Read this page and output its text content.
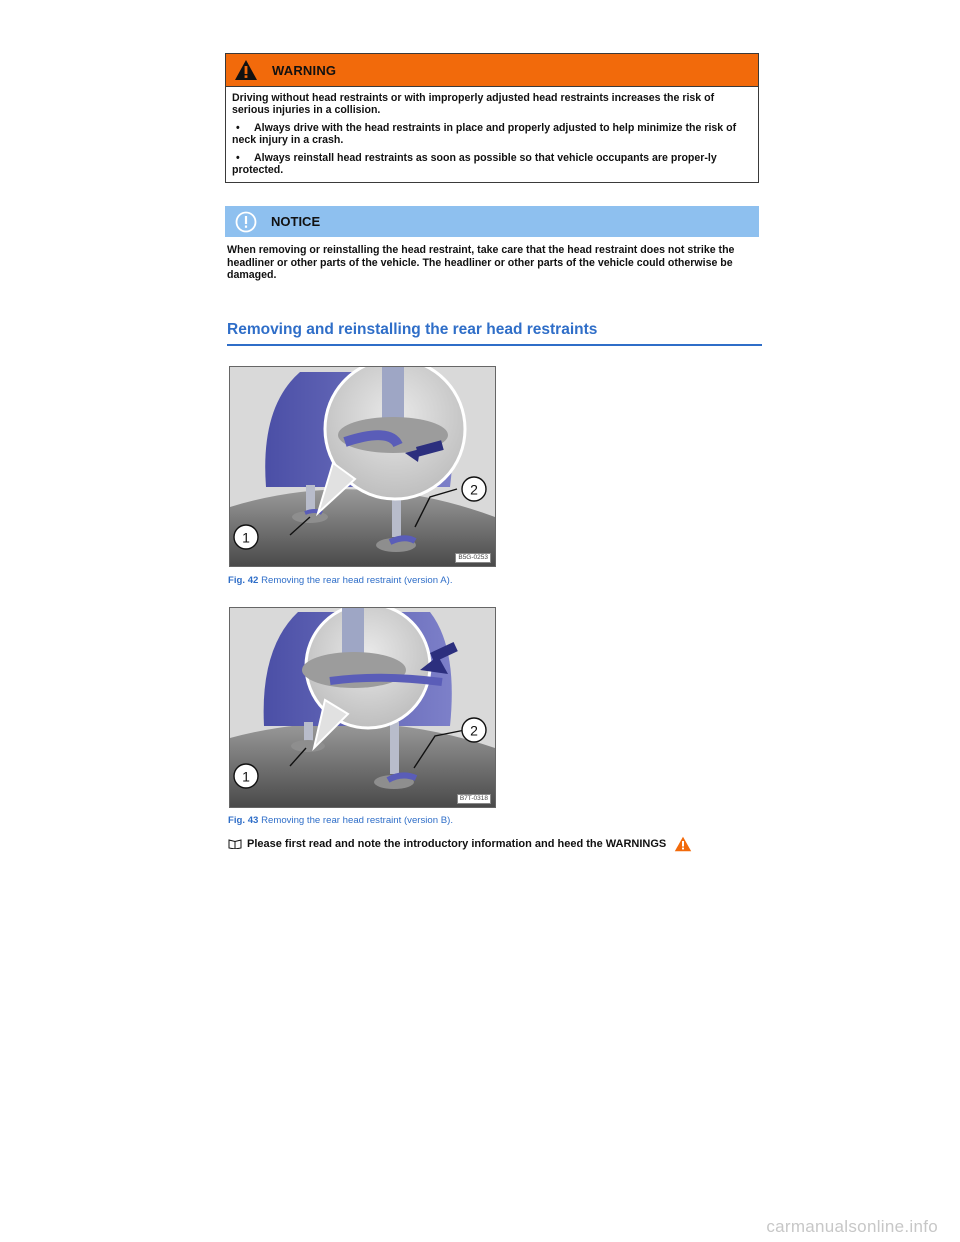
WARNING

Driving without head restraints or with improperly adjusted head restraints increases the risk of serious injuries in a collision.

• Always drive with the head restraints in place and properly adjusted to help minimize the risk of neck injury in a crash.

• Always reinstall head restraints as soon as possible so that vehicle occupants are proper-ly protected.

NOTICE

When removing or reinstalling the head restraint, take care that the head restraint does not strike the headliner or other parts of the vehicle. The headliner or other parts of the vehicle could otherwise be damaged.

Removing and reinstalling the rear head restraints
1
2
B5G-0253

Fig. 42 Removing the rear head restraint (version A).

1
2
B7T-0318

Fig. 43 Removing the rear head restraint (version B).

Please first read and note the introductory information and heed the WARNINGS

carmanualsonline.info
